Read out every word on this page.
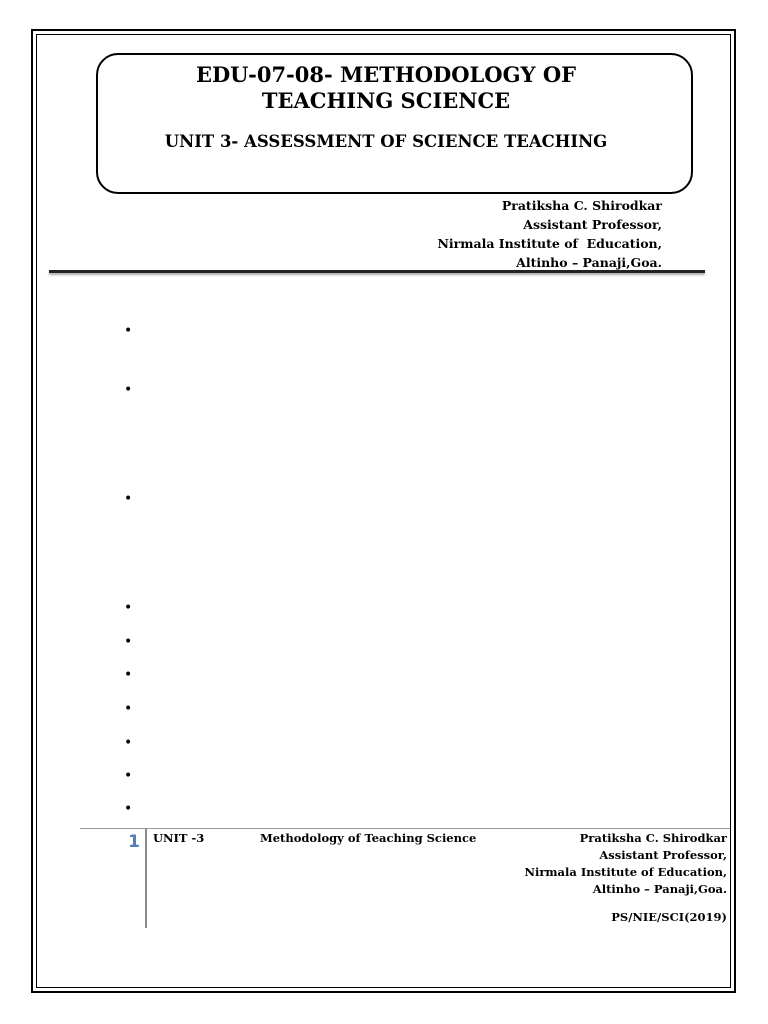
EDU-07-08- METHODOLOGY OF
TEACHING SCIENCE
UNIT 3- ASSESSMENT OF SCIENCE TEACHING
Pratiksha C. Shirodkar
Assistant Professor,
Nirmala Institute of  Education,
Altinho – Panaji,Goa.
•
•
•
•
•
•
•
•
•
•
1 UNIT -3	Methodology of Teaching Science	Pratiksha C. Shirodkar
Assistant Professor,
Nirmala Institute of Education,
Altinho – Panaji,Goa.
PS/NIE/SCI(2019)
